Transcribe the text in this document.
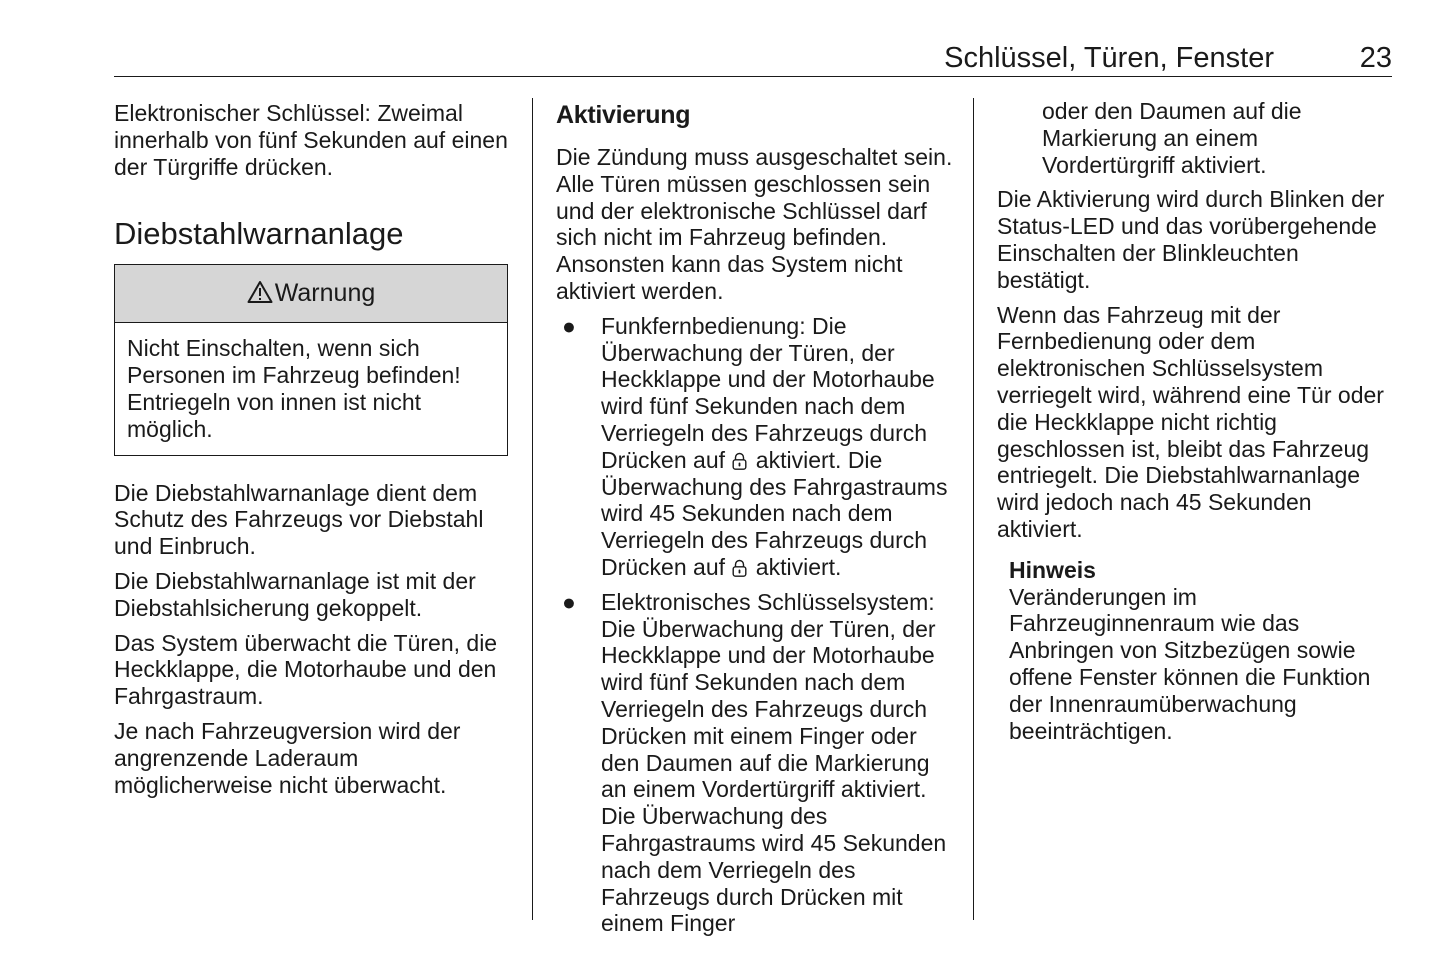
Schlüssel, Türen, Fenster	23

Elektronischer Schlüssel: Zweimal innerhalb von fünf Sekunden auf einen der Türgriffe drücken.

Diebstahlwarnanlage
Warnung
Nicht Einschalten, wenn sich Personen im Fahrzeug befinden! Entriegeln von innen ist nicht möglich.

Die Diebstahlwarnanlage dient dem Schutz des Fahrzeugs vor Diebstahl und Einbruch.

Die Diebstahlwarnanlage ist mit der Diebstahlsicherung gekoppelt.

Das System überwacht die Türen, die Heckklappe, die Motorhaube und den Fahrgastraum.

Je nach Fahrzeugversion wird der angrenzende Laderaum möglicherweise nicht überwacht.

Aktivierung

Die Zündung muss ausgeschaltet sein. Alle Türen müssen geschlossen sein und der elektronische Schlüssel darf sich nicht im Fahrzeug befinden. Ansonsten kann das System nicht aktiviert werden.

● Funkfernbedienung: Die Überwachung der Türen, der Heckklappe und der Motorhaube wird fünf Sekunden nach dem Verriegeln des Fahrzeugs durch Drücken auf aktiviert. Die Überwachung des Fahrgastraums wird 45 Sekunden nach dem Verriegeln des Fahrzeugs durch Drücken auf aktiviert.
● Elektronisches Schlüsselsystem: Die Überwachung der Türen, der Heckklappe und der Motorhaube wird fünf Sekunden nach dem Verriegeln des Fahrzeugs durch Drücken mit einem Finger oder den Daumen auf die Markierung an einem Vordertürgriff aktiviert. Die Überwachung des Fahrgastraums wird 45 Sekunden nach dem Verriegeln des Fahrzeugs durch Drücken mit einem Finger
oder den Daumen auf die Markierung an einem Vordertürgriff aktiviert.

Die Aktivierung wird durch Blinken der Status-LED und das vorübergehende Einschalten der Blinkleuchten bestätigt.

Wenn das Fahrzeug mit der Fernbedienung oder dem elektronischen Schlüsselsystem verriegelt wird, während eine Tür oder die Heckklappe nicht richtig geschlossen ist, bleibt das Fahrzeug entriegelt. Die Diebstahlwarnanlage wird jedoch nach 45 Sekunden aktiviert.

Hinweis
Veränderungen im Fahrzeuginnenraum wie das Anbringen von Sitzbezügen sowie offene Fenster können die Funktion der Innenraumüberwachung beeinträchtigen.
